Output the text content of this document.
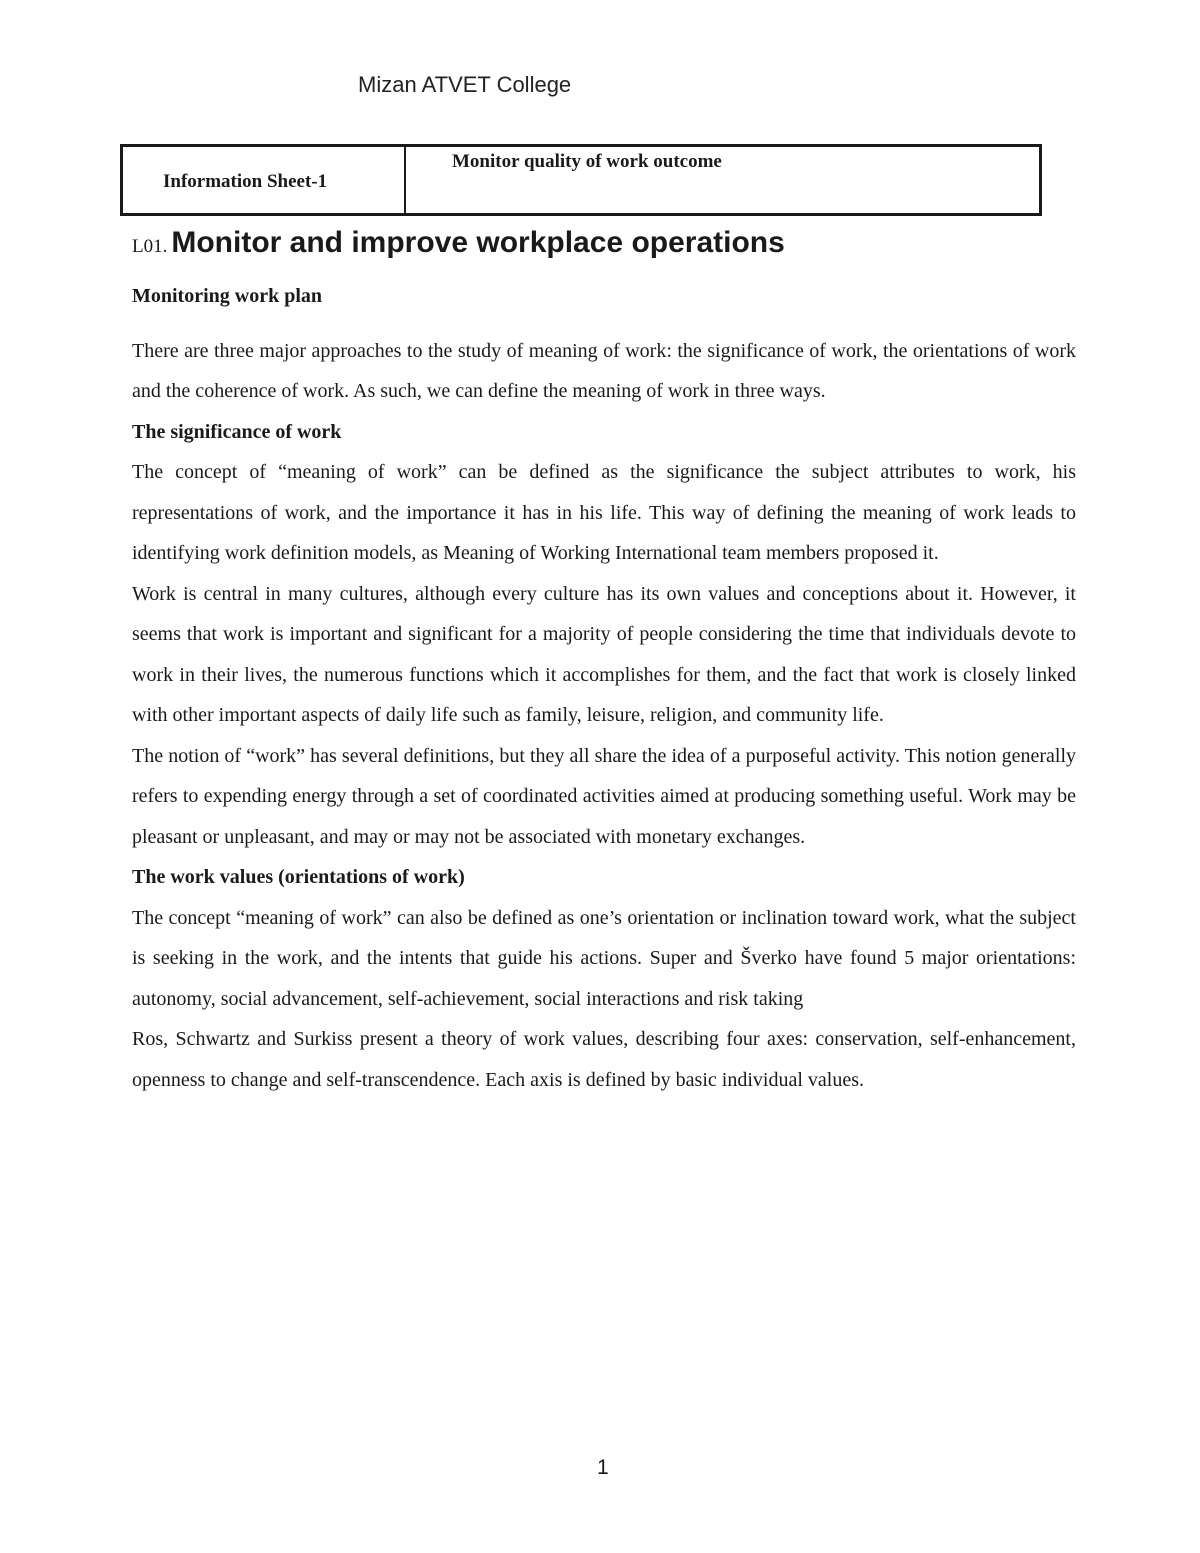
Mizan ATVET College
Information Sheet-1
Monitor quality of work outcome
L01. Monitor and improve workplace operations

Monitoring work plan

There are three major approaches to the study of meaning of work: the significance of work, the orientations of work and the coherence of work. As such, we can define the meaning of work in three ways.

The significance of work

The concept of “meaning of work” can be defined as the significance the subject attributes to work, his representations of work, and the importance it has in his life. This way of defining the meaning of work leads to identifying work definition models, as Meaning of Working International team members proposed it.

Work is central in many cultures, although every culture has its own values and conceptions about it. However, it seems that work is important and significant for a majority of people considering the time that individuals devote to work in their lives, the numerous functions which it accomplishes for them, and the fact that work is closely linked with other important aspects of daily life such as family, leisure, religion, and community life.

The notion of “work” has several definitions, but they all share the idea of a purposeful activity. This notion generally refers to expending energy through a set of coordinated activities aimed at producing something useful. Work may be pleasant or unpleasant, and may or may not be associated with monetary exchanges.

The work values (orientations of work)

The concept “meaning of work” can also be defined as one’s orientation or inclination toward work, what the subject is seeking in the work, and the intents that guide his actions. Super and Šverko have found 5 major orientations: autonomy, social advancement, self-achievement, social interactions and risk taking

Ros, Schwartz and Surkiss present a theory of work values, describing four axes: conservation, self-enhancement, openness to change and self-transcendence. Each axis is defined by basic individual values.

1
